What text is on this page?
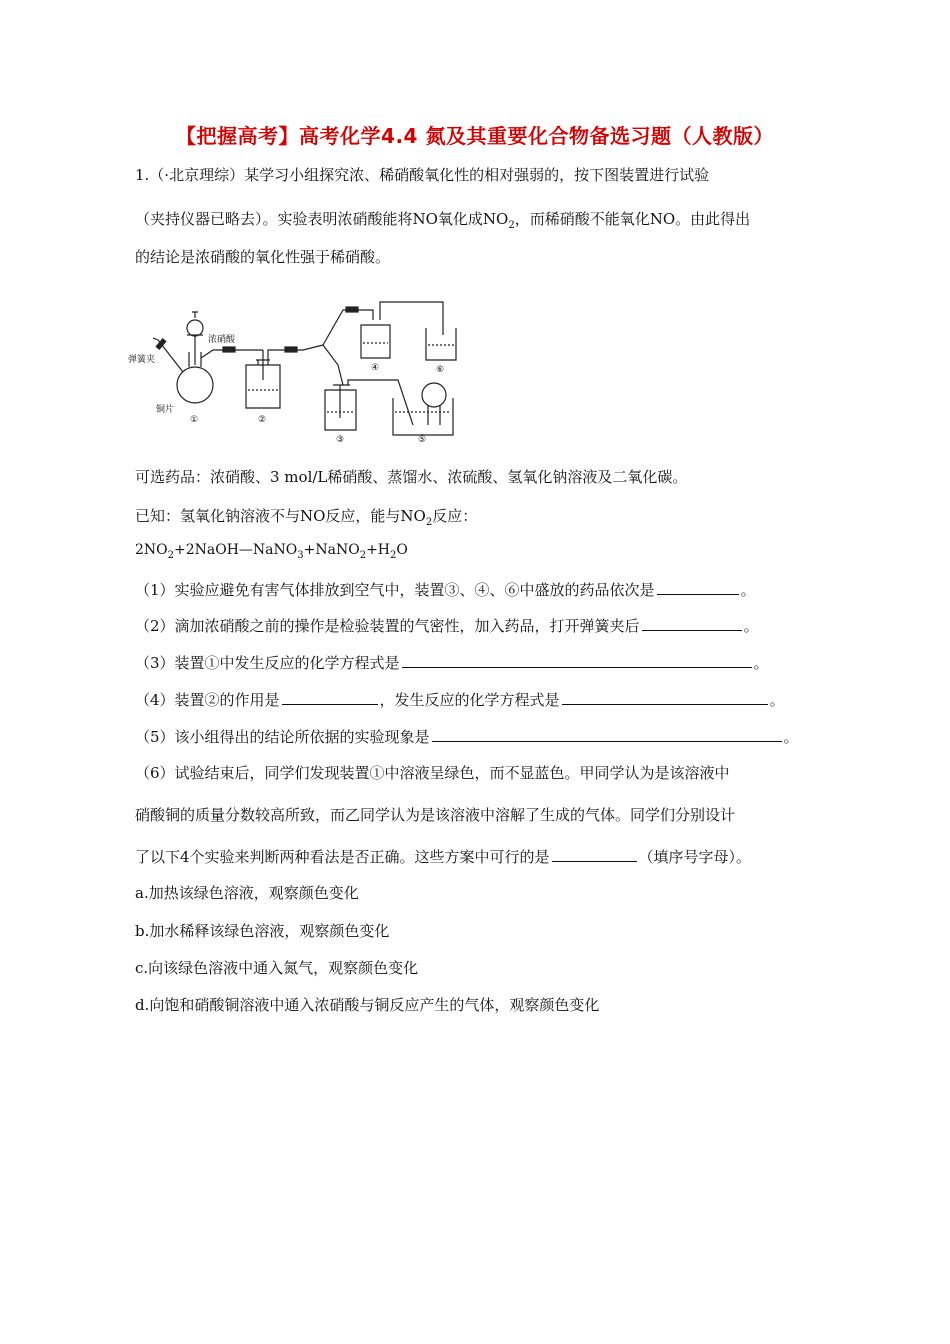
【把握高考】高考化学4.4 氮及其重要化合物备选习题（人教版）
1.（·北京理综）某学习小组探究浓、稀硝酸氧化性的相对强弱的，按下图装置进行试验
（夹持仪器已略去）。实验表明浓硝酸能将NO氧化成$NO_2$，而稀硝酸不能氧化NO。由此得出
的结论是浓硝酸的氧化性强于稀硝酸。
浓硝酸
弹簧夹
铜片
①	②
③
④
⑤
⑥
可选药品：浓硝酸、3 mol/L稀硝酸、蒸馏水、浓硫酸、氢氧化钠溶液及二氧化碳。
已知：氢氧化钠溶液不与NO反应，能与$NO_2$反应：
$2NO_2+2NaOH—NaNO_3+NaNO_2+H_2O$
（1）实验应避免有害气体排放到空气中，装置③、④、⑥中盛放的药品依次是	。
（2）滴加浓硝酸之前的操作是检验装置的气密性，加入药品，打开弹簧夹后	。
（3）装置①中发生反应的化学方程式是	。
（4）装置②的作用是	，发生反应的化学方程式是	。
（5）该小组得出的结论所依据的实验现象是	。
（6）试验结束后，同学们发现装置①中溶液呈绿色，而不显蓝色。甲同学认为是该溶液中
硝酸铜的质量分数较高所致，而乙同学认为是该溶液中溶解了生成的气体。同学们分别设计
了以下4个实验来判断两种看法是否正确。这些方案中可行的是	（填序号字母）。
a.加热该绿色溶液，观察颜色变化
b.加水稀释该绿色溶液，观察颜色变化
c.向该绿色溶液中通入氮气，观察颜色变化
d.向饱和硝酸铜溶液中通入浓硝酸与铜反应产生的气体，观察颜色变化
